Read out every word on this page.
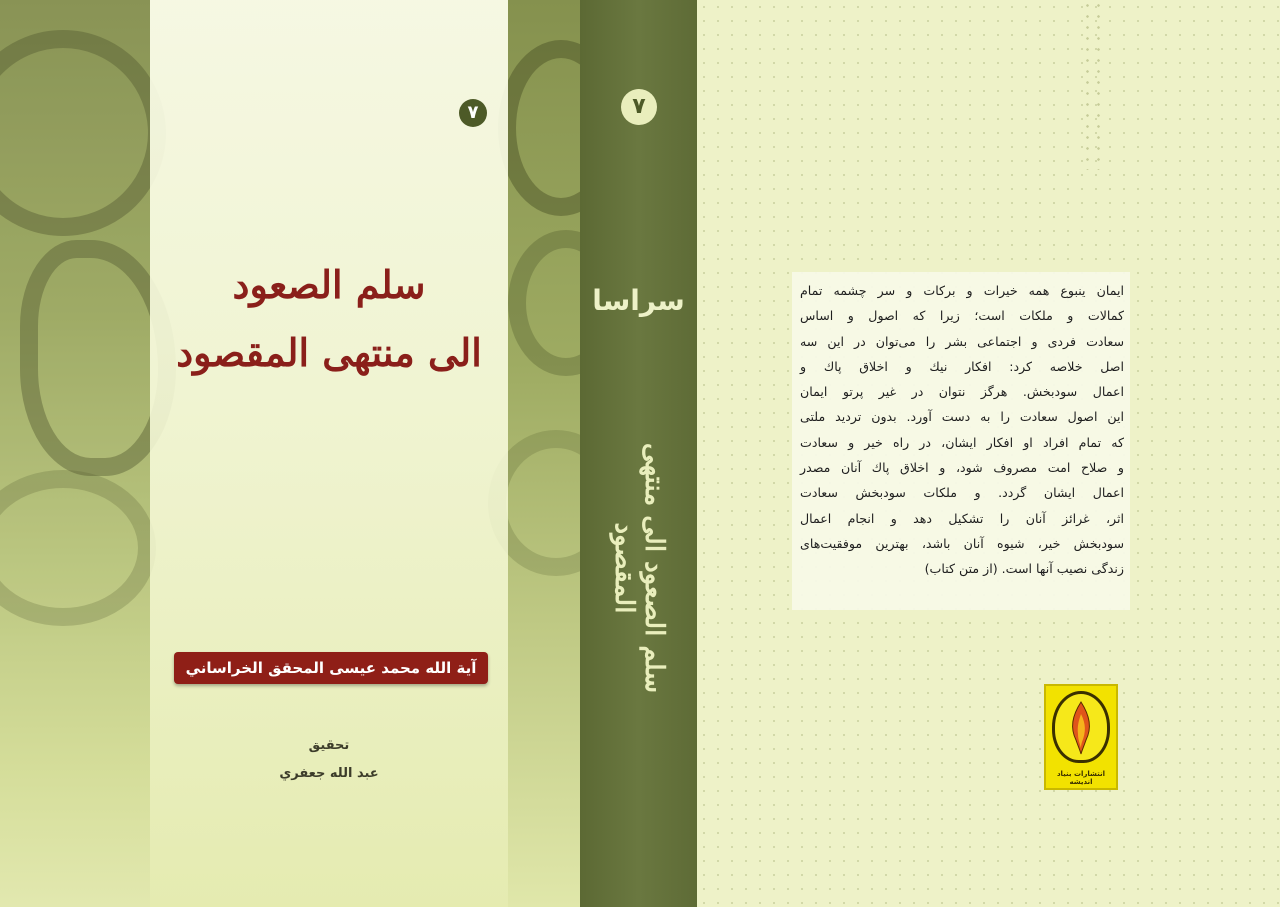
۷
سلم الصعود
الى منتهى المقصود
آية الله محمد عيسى المحقق الخراساني
تحقيق
عبد الله جعفري
۷
سراسا
سلم الصعود الى منتهى المقصود
ایمان ینبوع همه خیرات و برکات و سر چشمه تمام
کمالات و ملکات است؛ زیرا که اصول و اساس
سعادت فردی و اجتماعی بشر را می‌توان در این سه
اصل خلاصه کرد: افکار نیك و اخلاق پاك و
اعمال سودبخش. هرگز نتوان در غیر پرتو ایمان
این اصول سعادت را به دست آورد. بدون تردید ملتی
که تمام افراد او افکار ایشان، در راه خیر و سعادت
و صلاح امت مصروف شود، و اخلاق پاك آنان مصدر
اعمال ایشان گردد. و ملکات سودبخش سعادت
اثر، غرائز آنان را تشکیل دهد و انجام اعمال
سودبخش خیر، شیوه آنان باشد، بهترین موفقیت‌های
زندگی نصیب آنها است. (از متن کتاب)
انتشارات بنیاد اندیشه
